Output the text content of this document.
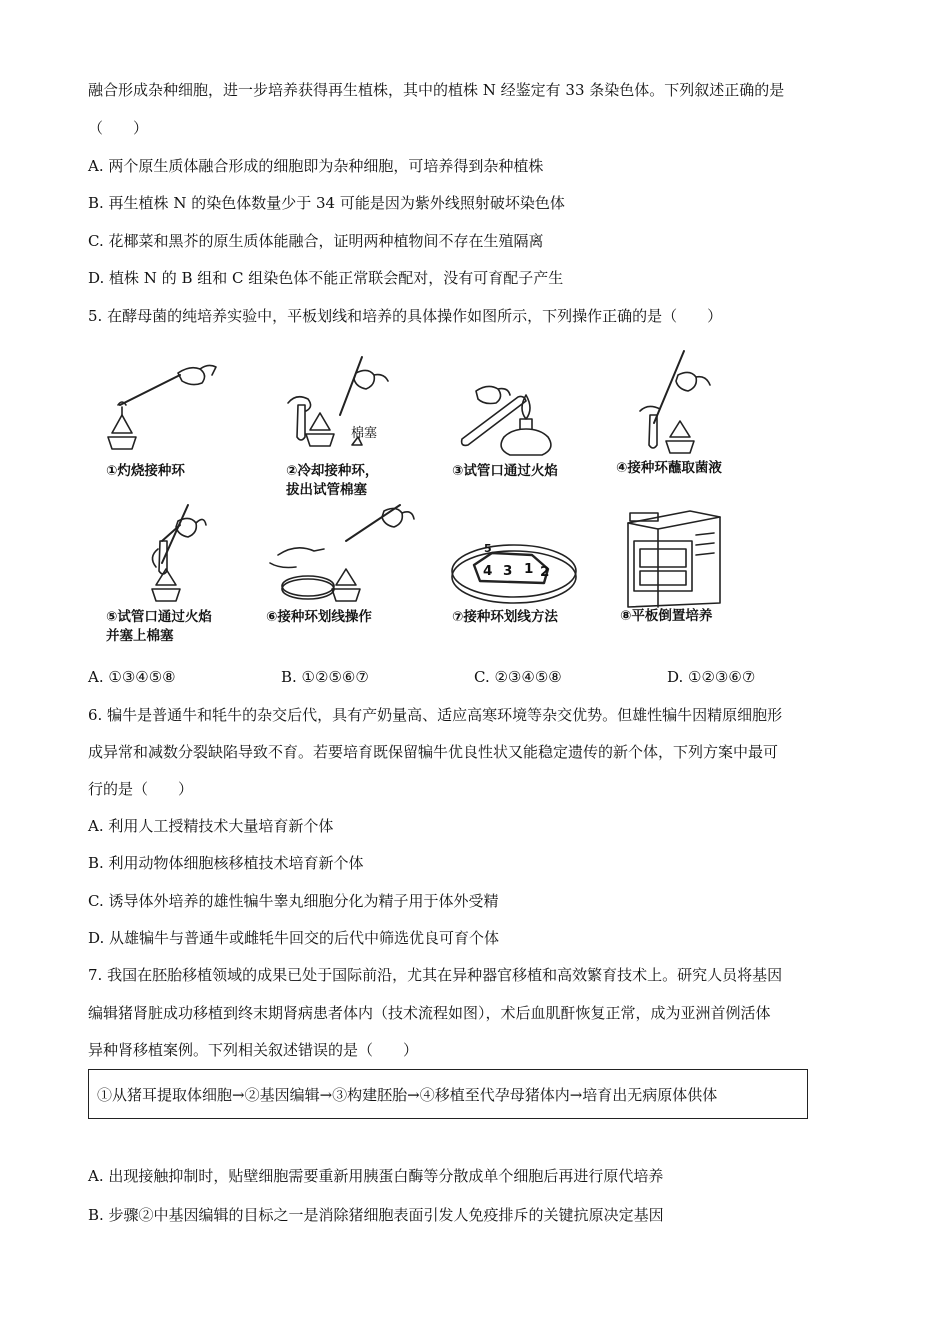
融合形成杂种细胞，进一步培养获得再生植株，其中的植株 N 经鉴定有 33 条染色体。下列叙述正确的是
（　　）
A. 两个原生质体融合形成的细胞即为杂种细胞，可培养得到杂种植株
B. 再生植株 N 的染色体数量少于 34 可能是因为紫外线照射破坏染色体
C. 花椰菜和黑芥的原生质体能融合，证明两种植物间不存在生殖隔离
D. 植株 N 的 B 组和 C 组染色体不能正常联会配对，没有可育配子产生
5. 在酵母菌的纯培养实验中，平板划线和培养的具体操作如图所示，下列操作正确的是（　　）
棉塞
5
4 3 1 2
①灼烧接种环	②冷却接种环，
拔出试管棉塞
③试管口通过火焰	④接种环蘸取菌液
⑤试管口通过火焰
并塞上棉塞
⑥接种环划线操作	⑦接种环划线方法	⑧平板倒置培养
A. ①③④⑤⑧	B. ①②⑤⑥⑦	C. ②③④⑤⑧	D. ①②③⑥⑦
6. 犏牛是普通牛和牦牛的杂交后代，具有产奶量高、适应高寒环境等杂交优势。但雄性犏牛因精原细胞形
成异常和减数分裂缺陷导致不育。若要培育既保留犏牛优良性状又能稳定遗传的新个体，下列方案中最可
行的是（　　）
A. 利用人工授精技术大量培育新个体
B. 利用动物体细胞核移植技术培育新个体
C. 诱导体外培养的雄性犏牛睾丸细胞分化为精子用于体外受精
D. 从雄犏牛与普通牛或雌牦牛回交的后代中筛选优良可育个体
7. 我国在胚胎移植领域的成果已处于国际前沿，尤其在异种器官移植和高效繁育技术上。研究人员将基因
编辑猪肾脏成功移植到终末期肾病患者体内（技术流程如图），术后血肌酐恢复正常，成为亚洲首例活体
异种肾移植案例。下列相关叙述错误的是（　　）
①从猪耳提取体细胞→②基因编辑→③构建胚胎→④移植至代孕母猪体内→培育出无病原体供体
A. 出现接触抑制时，贴壁细胞需要重新用胰蛋白酶等分散成单个细胞后再进行原代培养
B. 步骤②中基因编辑的目标之一是消除猪细胞表面引发人免疫排斥的关键抗原决定基因
